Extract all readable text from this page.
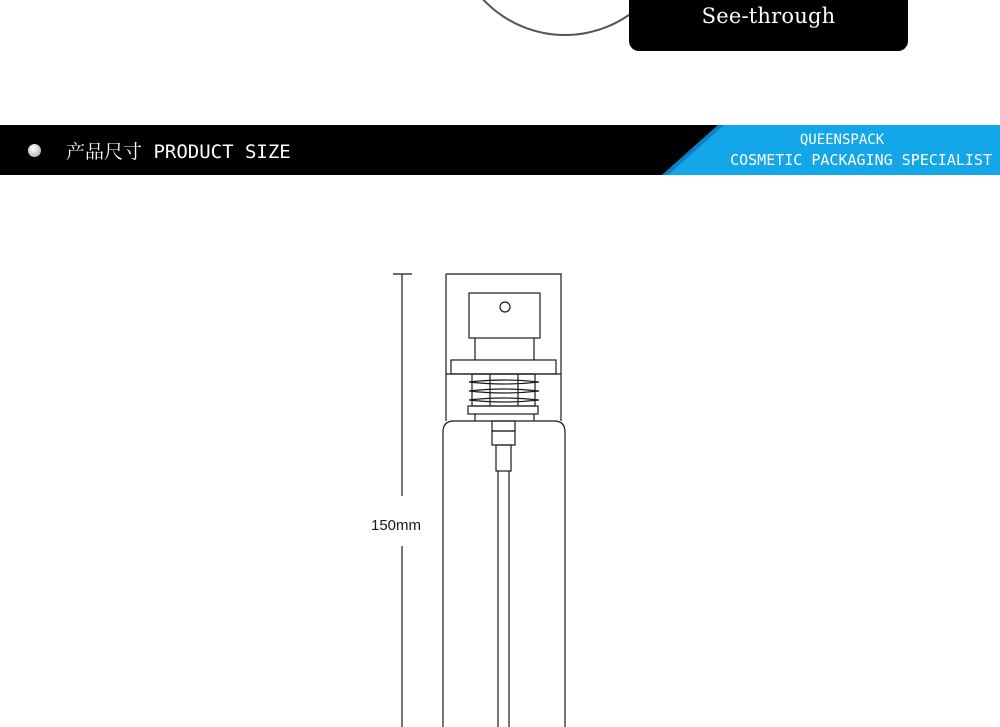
See-through
产品尺寸 PRODUCT SIZE
QUEENSPACK
COSMETIC PACKAGING SPECIALIST
150mm
